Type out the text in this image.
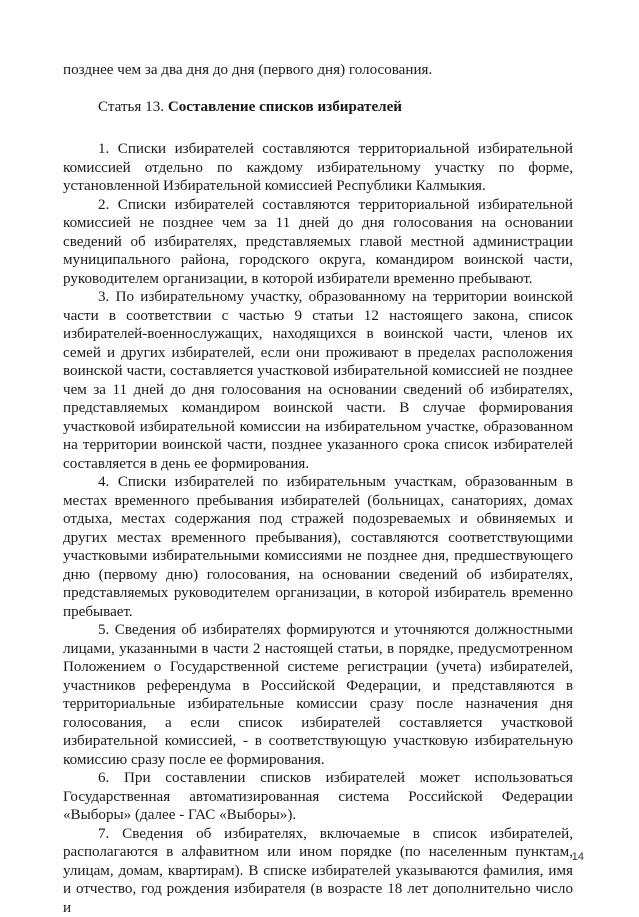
позднее чем за два дня до дня (первого дня) голосования.

Статья 13. Составление списков избирателей

1. Списки избирателей составляются территориальной избирательной комиссией отдельно по каждому избирательному участку по форме, установленной Избирательной комиссией Республики Калмыкия.

2. Списки избирателей составляются территориальной избирательной комиссией не позднее чем за 11 дней до дня голосования на основании сведений об избирателях, представляемых главой местной администрации муниципального района, городского округа, командиром воинской части, руководителем организации, в которой избиратели временно пребывают.

3. По избирательному участку, образованному на территории воинской части в соответствии с частью 9 статьи 12 настоящего закона, список избирателей-военнослужащих, находящихся в воинской части, членов их семей и других избирателей, если они проживают в пределах расположения воинской части, составляется участковой избирательной комиссией не позднее чем за 11 дней до дня голосования на основании сведений об избирателях, представляемых командиром воинской части. В случае формирования участковой избирательной комиссии на избирательном участке, образованном на территории воинской части, позднее указанного срока список избирателей составляется в день ее формирования.

4. Списки избирателей по избирательным участкам, образованным в местах временного пребывания избирателей (больницах, санаториях, домах отдыха, местах содержания под стражей подозреваемых и обвиняемых и других местах временного пребывания), составляются соответствующими участковыми избирательными комиссиями не позднее дня, предшествующего дню (первому дню) голосования, на основании сведений об избирателях, представляемых руководителем организации, в которой избиратель временно пребывает.

5. Сведения об избирателях формируются и уточняются должностными лицами, указанными в части 2 настоящей статьи, в порядке, предусмотренном Положением о Государственной системе регистрации (учета) избирателей, участников референдума в Российской Федерации, и представляются в территориальные избирательные комиссии сразу после назначения дня голосования, а если список избирателей составляется участковой избирательной комиссией, - в соответствующую участковую избирательную комиссию сразу после ее формирования.

6. При составлении списков избирателей может использоваться Государственная автоматизированная система Российской Федерации «Выборы» (далее - ГАС «Выборы»).

7. Сведения об избирателях, включаемые в список избирателей, располагаются в алфавитном или ином порядке (по населенным пунктам, улицам, домам, квартирам). В списке избирателей указываются фамилия, имя и отчество, год рождения избирателя (в возрасте 18 лет дополнительно число и

14
